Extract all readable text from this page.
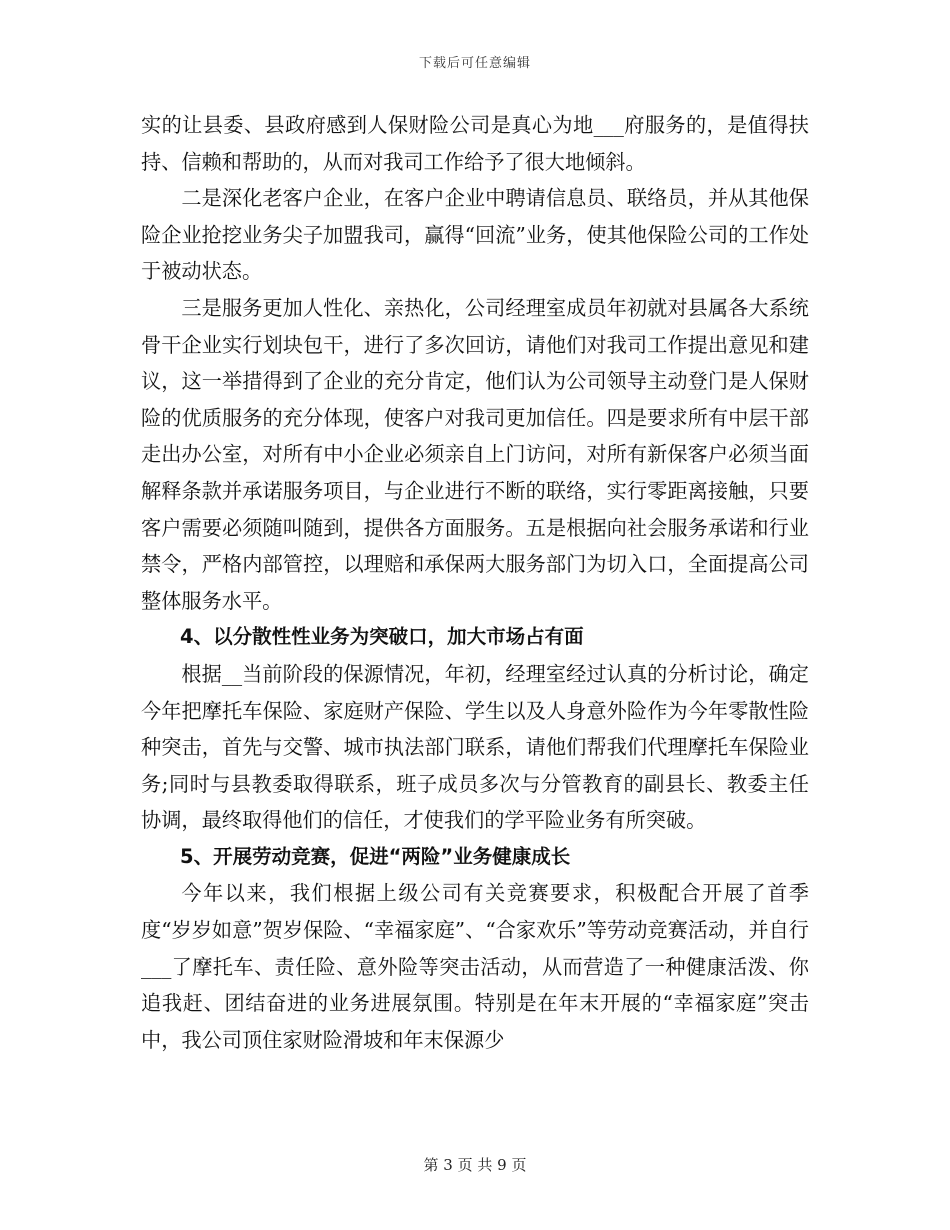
下载后可任意编辑

实的让县委、县政府感到人保财险公司是真心为地___府服务的，是值得扶持、信赖和帮助的，从而对我司工作给予了很大地倾斜。

二是深化老客户企业，在客户企业中聘请信息员、联络员，并从其他保险企业抢挖业务尖子加盟我司，赢得“回流”业务，使其他保险公司的工作处于被动状态。

三是服务更加人性化、亲热化，公司经理室成员年初就对县属各大系统骨干企业实行划块包干，进行了多次回访，请他们对我司工作提出意见和建议，这一举措得到了企业的充分肯定，他们认为公司领导主动登门是人保财险的优质服务的充分体现，使客户对我司更加信任。四是要求所有中层干部走出办公室，对所有中小企业必须亲自上门访问，对所有新保客户必须当面解释条款并承诺服务项目，与企业进行不断的联络，实行零距离接触，只要客户需要必须随叫随到，提供各方面服务。五是根据向社会服务承诺和行业禁令，严格内部管控，以理赔和承保两大服务部门为切入口，全面提高公司整体服务水平。

4、以分散性性业务为突破口，加大市场占有面

根据__当前阶段的保源情况，年初，经理室经过认真的分析讨论，确定今年把摩托车保险、家庭财产保险、学生以及人身意外险作为今年零散性险种突击，首先与交警、城市执法部门联系，请他们帮我们代理摩托车保险业务;同时与县教委取得联系，班子成员多次与分管教育的副县长、教委主任协调，最终取得他们的信任，才使我们的学平险业务有所突破。

5、开展劳动竞赛，促进“两险”业务健康成长

今年以来，我们根据上级公司有关竞赛要求，积极配合开展了首季度“岁岁如意”贺岁保险、“幸福家庭”、“合家欢乐”等劳动竞赛活动，并自行___了摩托车、责任险、意外险等突击活动，从而营造了一种健康活泼、你追我赶、团结奋进的业务进展氛围。特别是在年末开展的“幸福家庭”突击中，我公司顶住家财险滑坡和年末保源少

第 3 页 共 9 页
